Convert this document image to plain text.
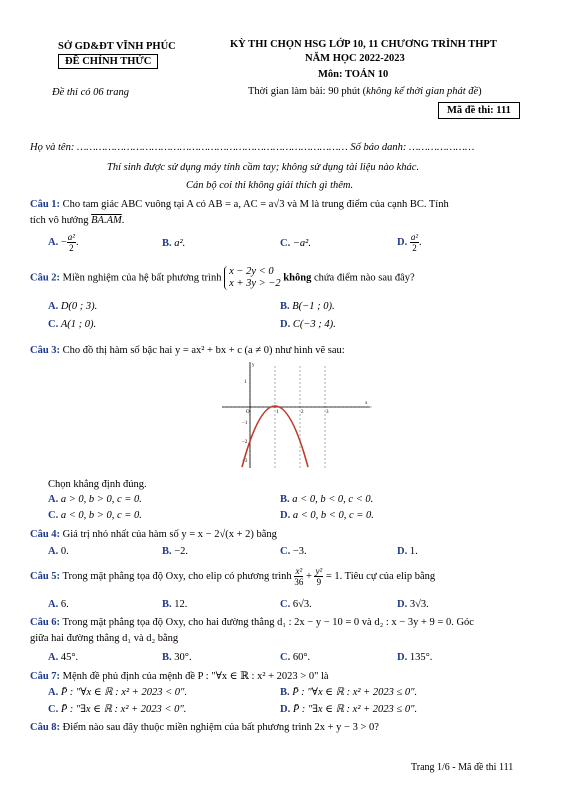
SỞ GD&ĐT VĨNH PHÚC
ĐỀ CHÍNH THỨC
Đề thi có 06 trang
KỲ THI CHỌN HSG LỚP 10, 11 CHƯƠNG TRÌNH THPT
NĂM HỌC 2022-2023
Môn: TOÁN 10
Thời gian làm bài: 90 phút (không kể thời gian phát đề)
Mã đề thi: 111
Họ và tên: …………………………………………………………………………… Số báo danh: …………………
Thí sinh được sử dụng máy tính cầm tay; không sử dụng tài liệu nào khác.
Cán bộ coi thi không giải thích gì thêm.
Câu 1: Cho tam giác ABC vuông tại A có AB = a, AC = a√3 và M là trung điểm của cạnh BC. Tính
tích vô hướng BA.AM.
A. − $\frac{\text{a²}}{2}$ .	B. a².	C. −a².	D. $\frac{\text{a²}}{2}$ .
Câu 2: Miền nghiệm của hệ bất phương trình x − 2y < 0
x + 3y > −2 không chứa điểm nào sau đây?
A. D(0 ; 3).	B. B(−1 ; 0).
C. A(1 ; 0).	D. C(−3 ; 4).
Câu 3: Cho đồ thị hàm số bậc hai y = ax² + bx + c (a ≠ 0) như hình vẽ sau:
y
x
O
1
−1
−2
−3
1	2	3
Chọn khẳng định đúng.
A. a > 0, b > 0, c = 0.	B. a < 0, b < 0, c < 0.
C. a < 0, b > 0, c = 0.	D. a < 0, b < 0, c = 0.
Câu 4: Giá trị nhỏ nhất của hàm số y = x − 2√(x + 2) bằng
A. 0.	B. −2.	C. −3.	D. 1.
Câu 5: Trong mặt phẳng tọa độ Oxy, cho elip có phương trình $\frac{\text{x²}}{36} + \frac{\text{y²}}{9} = 1$. Tiêu cự của elip bằng
A. 6.	B. 12.	C. 6√3.	D. 3√3.
Câu 6: Trong mặt phẳng tọa độ Oxy, cho hai đường thẳng d₁ : 2x − y − 10 = 0 và d₂ : x − 3y + 9 = 0. Góc
giữa hai đường thẳng d₁ và d₂ bằng
A. 45°.	B. 30°.	C. 60°.	D. 135°.
Câu 7: Mệnh đề phủ định của mệnh đề P : "∀x ∈ ℝ : x² + 2023 > 0" là
A. P̄ : "∀x ∈ ℝ : x² + 2023 < 0".	B. P̄ : "∀x ∈ ℝ : x² + 2023 ≤ 0".
C. P̄ : "∃x ∈ ℝ : x² + 2023 < 0".	D. P̄ : "∃x ∈ ℝ : x² + 2023 ≤ 0".
Câu 8: Điểm nào sau đây thuộc miền nghiệm của bất phương trình 2x + y − 3 > 0?
Trang 1/6 - Mã đề thi 111
